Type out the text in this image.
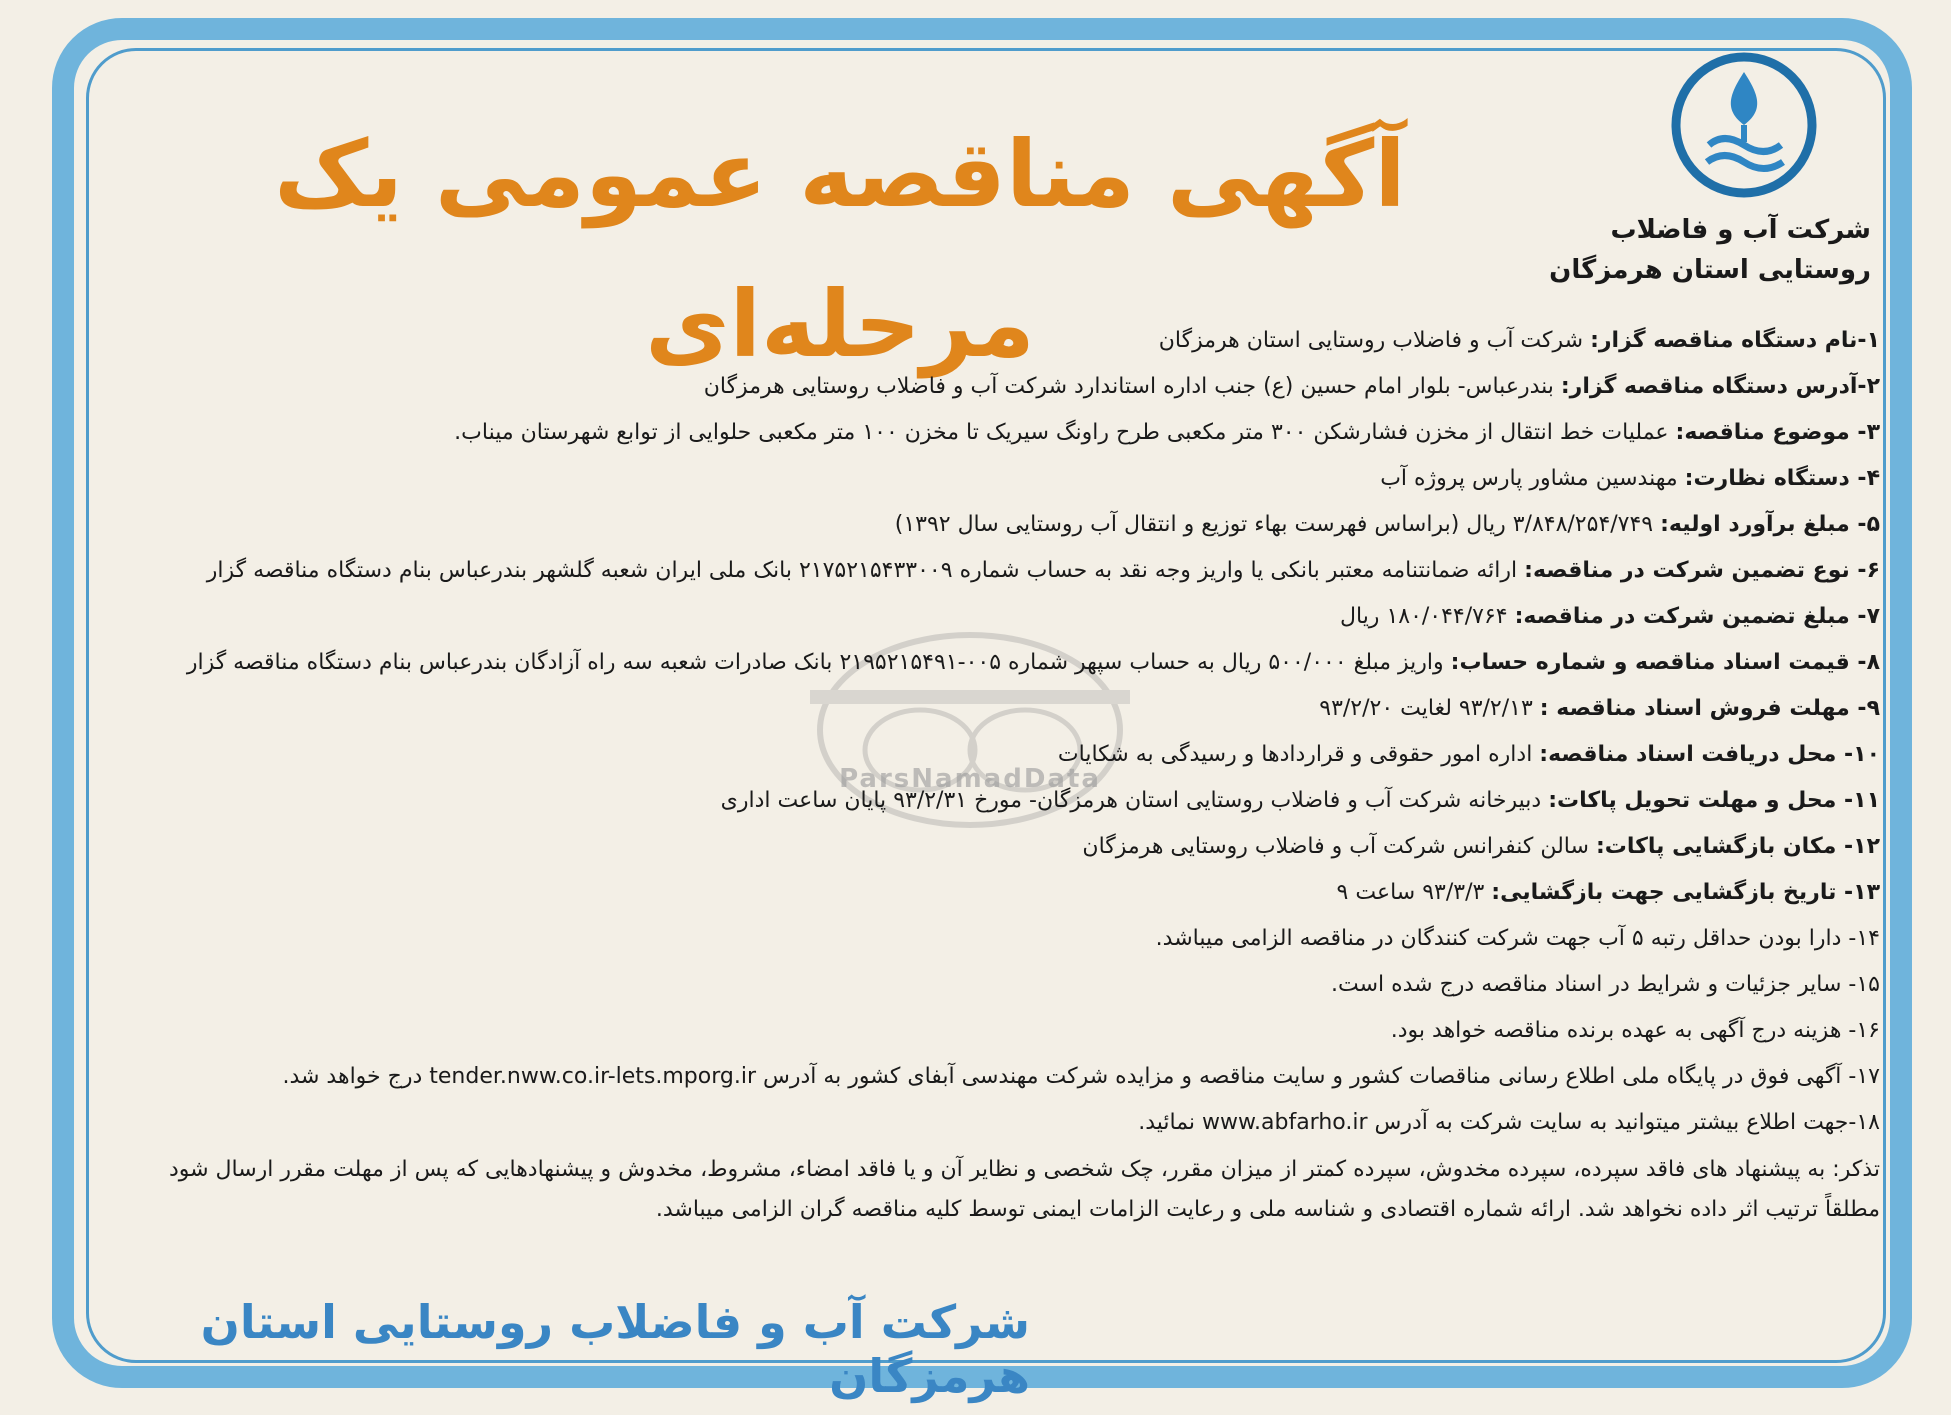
شرکت آب و فاضلاب
روستایی استان هرمزگان
آگهی مناقصه عمومی یک مرحله‌ای
ParsNamadData
۱-نام دستگاه مناقصه گزار: شرکت آب و فاضلاب روستایی استان هرمزگان
۲-آدرس دستگاه مناقصه گزار: بندرعباس- بلوار امام حسین (ع) جنب اداره استاندارد شرکت آب و فاضلاب روستایی هرمزگان
۳- موضوع مناقصه: عملیات خط انتقال از مخزن فشارشکن ۳۰۰ متر مکعبی طرح راونگ سیریک تا مخزن ۱۰۰ متر مکعبی حلوایی از توابع شهرستان میناب.
۴- دستگاه نظارت: مهندسین مشاور پارس پروژه آب
۵- مبلغ برآورد اولیه: ۳/۸۴۸/۲۵۴/۷۴۹ ریال (براساس فهرست بهاء توزیع و انتقال آب روستایی سال ۱۳۹۲)
۶- نوع تضمین شرکت در مناقصه: ارائه ضمانتنامه معتبر بانکی یا واریز وجه نقد به حساب شماره ۲۱۷۵۲۱۵۴۳۳۰۰۹ بانک ملی ایران شعبه گلشهر بندرعباس بنام دستگاه مناقصه گزار
۷- مبلغ تضمین شرکت در مناقصه: ۱۸۰/۰۴۴/۷۶۴ ریال
۸- قیمت اسناد مناقصه و شماره حساب: واریز مبلغ ۵۰۰/۰۰۰ ریال به حساب سپهر شماره ۰۰۵-۲۱۹۵۲۱۵۴۹۱ بانک صادرات شعبه سه راه آزادگان بندرعباس بنام دستگاه مناقصه گزار
۹- مهلت فروش اسناد مناقصه : ۹۳/۲/۱۳ لغایت ۹۳/۲/۲۰
۱۰- محل دریافت اسناد مناقصه: اداره امور حقوقی و قراردادها و رسیدگی به شکایات
۱۱- محل و مهلت تحویل پاکات: دبیرخانه شرکت آب و فاضلاب روستایی استان هرمزگان- مورخ ۹۳/۲/۳۱ پایان ساعت اداری
۱۲- مکان بازگشایی پاکات: سالن کنفرانس شرکت آب و فاضلاب روستایی هرمزگان
۱۳- تاریخ بازگشایی جهت بازگشایی: ۹۳/۳/۳ ساعت ۹
۱۴- دارا بودن حداقل رتبه ۵ آب جهت شرکت کنندگان در مناقصه الزامی میباشد.
۱۵- سایر جزئیات و شرایط در اسناد مناقصه درج شده است.
۱۶- هزینه درج آگهی به عهده برنده مناقصه خواهد بود.
۱۷- آگهی فوق در پایگاه ملی اطلاع رسانی مناقصات کشور و سایت مناقصه و مزایده شرکت مهندسی آبفای کشور به آدرس tender.nww.co.ir-lets.mporg.ir درج خواهد شد.
۱۸-جهت اطلاع بیشتر میتوانید به سایت شرکت به آدرس www.abfarho.ir نمائید.
تذکر: به پیشنهاد های فاقد سپرده، سپرده مخدوش، سپرده کمتر از میزان مقرر، چک شخصی و نظایر آن و یا فاقد امضاء، مشروط، مخدوش و پیشنهادهایی که پس از مهلت مقرر ارسال شود مطلقاً ترتیب اثر داده نخواهد شد. ارائه شماره اقتصادی و شناسه ملی و رعایت الزامات ایمنی توسط کلیه مناقصه گران الزامی میباشد.
شرکت آب و فاضلاب روستایی استان هرمزگان
